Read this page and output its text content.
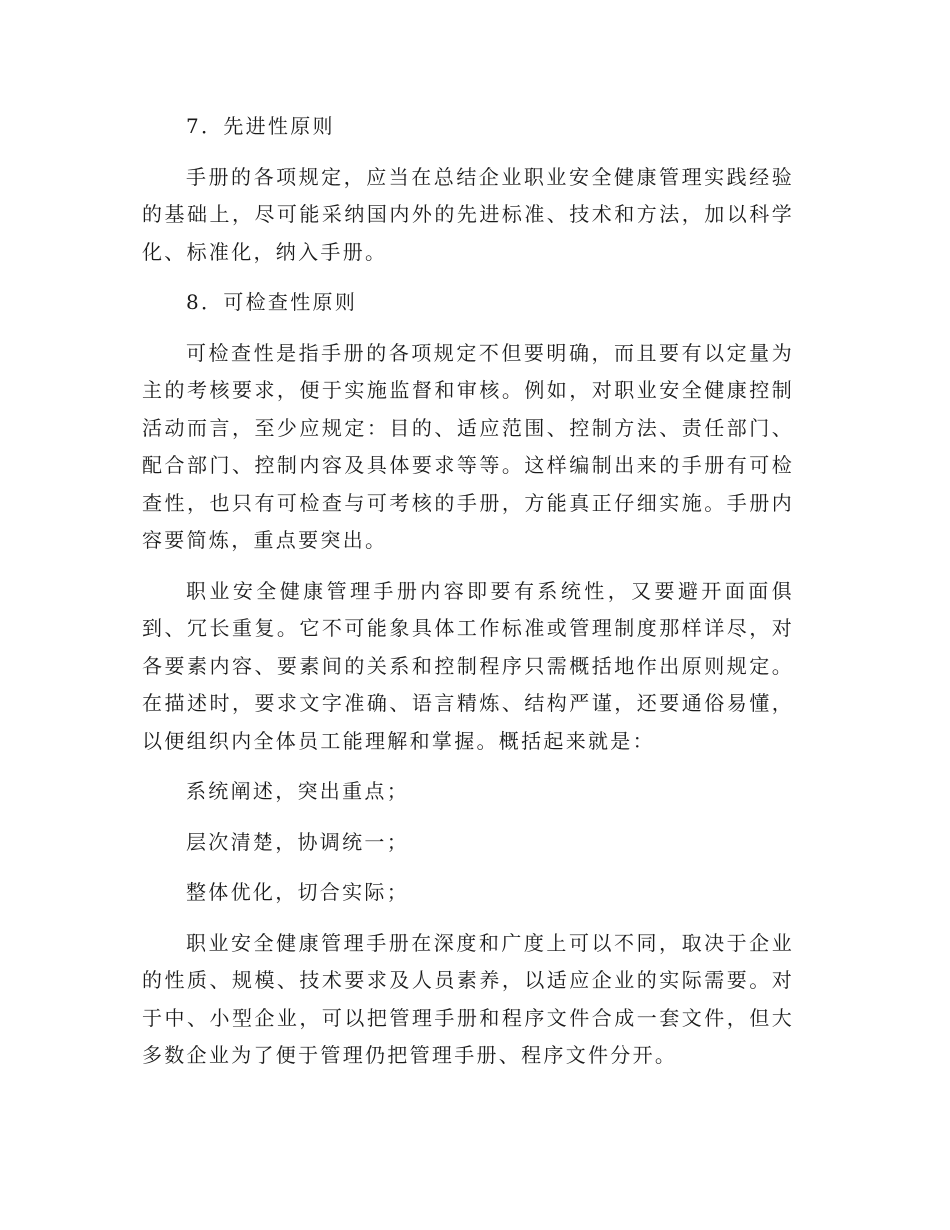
7．先进性原则
手册的各项规定，应当在总结企业职业安全健康管理实践经验的基础上，尽可能采纳国内外的先进标准、技术和方法，加以科学化、标准化，纳入手册。
8．可检查性原则
可检查性是指手册的各项规定不但要明确，而且要有以定量为主的考核要求，便于实施监督和审核。例如，对职业安全健康控制活动而言，至少应规定：目的、适应范围、控制方法、责任部门、配合部门、控制内容及具体要求等等。这样编制出来的手册有可检查性，也只有可检查与可考核的手册，方能真正仔细实施。手册内容要简炼，重点要突出。
职业安全健康管理手册内容即要有系统性，又要避开面面俱到、冗长重复。它不可能象具体工作标准或管理制度那样详尽，对各要素内容、要素间的关系和控制程序只需概括地作出原则规定。在描述时，要求文字准确、语言精炼、结构严谨，还要通俗易懂，以便组织内全体员工能理解和掌握。概括起来就是：
系统阐述，突出重点；
层次清楚，协调统一；
整体优化，切合实际；
职业安全健康管理手册在深度和广度上可以不同，取决于企业的性质、规模、技术要求及人员素养，以适应企业的实际需要。对于中、小型企业，可以把管理手册和程序文件合成一套文件，但大多数企业为了便于管理仍把管理手册、程序文件分开。
